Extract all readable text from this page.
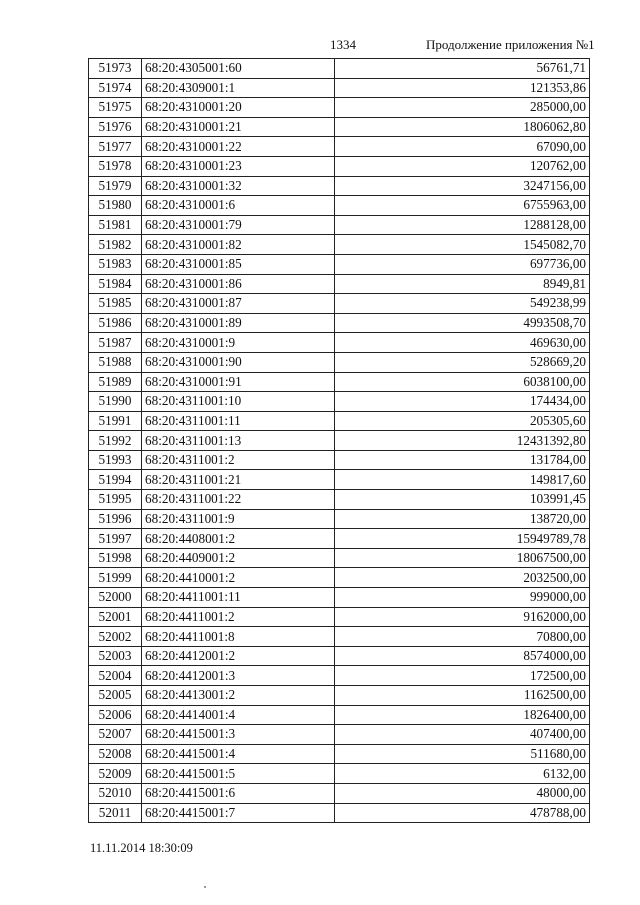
1334	Продолжение приложения №1
51973	68:20:4305001:60	56761,71
51974	68:20:4309001:1	121353,86
51975	68:20:4310001:20	285000,00
51976	68:20:4310001:21	1806062,80
51977	68:20:4310001:22	67090,00
51978	68:20:4310001:23	120762,00
51979	68:20:4310001:32	3247156,00
51980	68:20:4310001:6	6755963,00
51981	68:20:4310001:79	1288128,00
51982	68:20:4310001:82	1545082,70
51983	68:20:4310001:85	697736,00
51984	68:20:4310001:86	8949,81
51985	68:20:4310001:87	549238,99
51986	68:20:4310001:89	4993508,70
51987	68:20:4310001:9	469630,00
51988	68:20:4310001:90	528669,20
51989	68:20:4310001:91	6038100,00
51990	68:20:4311001:10	174434,00
51991	68:20:4311001:11	205305,60
51992	68:20:4311001:13	12431392,80
51993	68:20:4311001:2	131784,00
51994	68:20:4311001:21	149817,60
51995	68:20:4311001:22	103991,45
51996	68:20:4311001:9	138720,00
51997	68:20:4408001:2	15949789,78
51998	68:20:4409001:2	18067500,00
51999	68:20:4410001:2	2032500,00
52000	68:20:4411001:11	999000,00
52001	68:20:4411001:2	9162000,00
52002	68:20:4411001:8	70800,00
52003	68:20:4412001:2	8574000,00
52004	68:20:4412001:3	172500,00
52005	68:20:4413001:2	1162500,00
52006	68:20:4414001:4	1826400,00
52007	68:20:4415001:3	407400,00
52008	68:20:4415001:4	511680,00
52009	68:20:4415001:5	6132,00
52010	68:20:4415001:6	48000,00
52011	68:20:4415001:7	478788,00
11.11.2014 18:30:09
